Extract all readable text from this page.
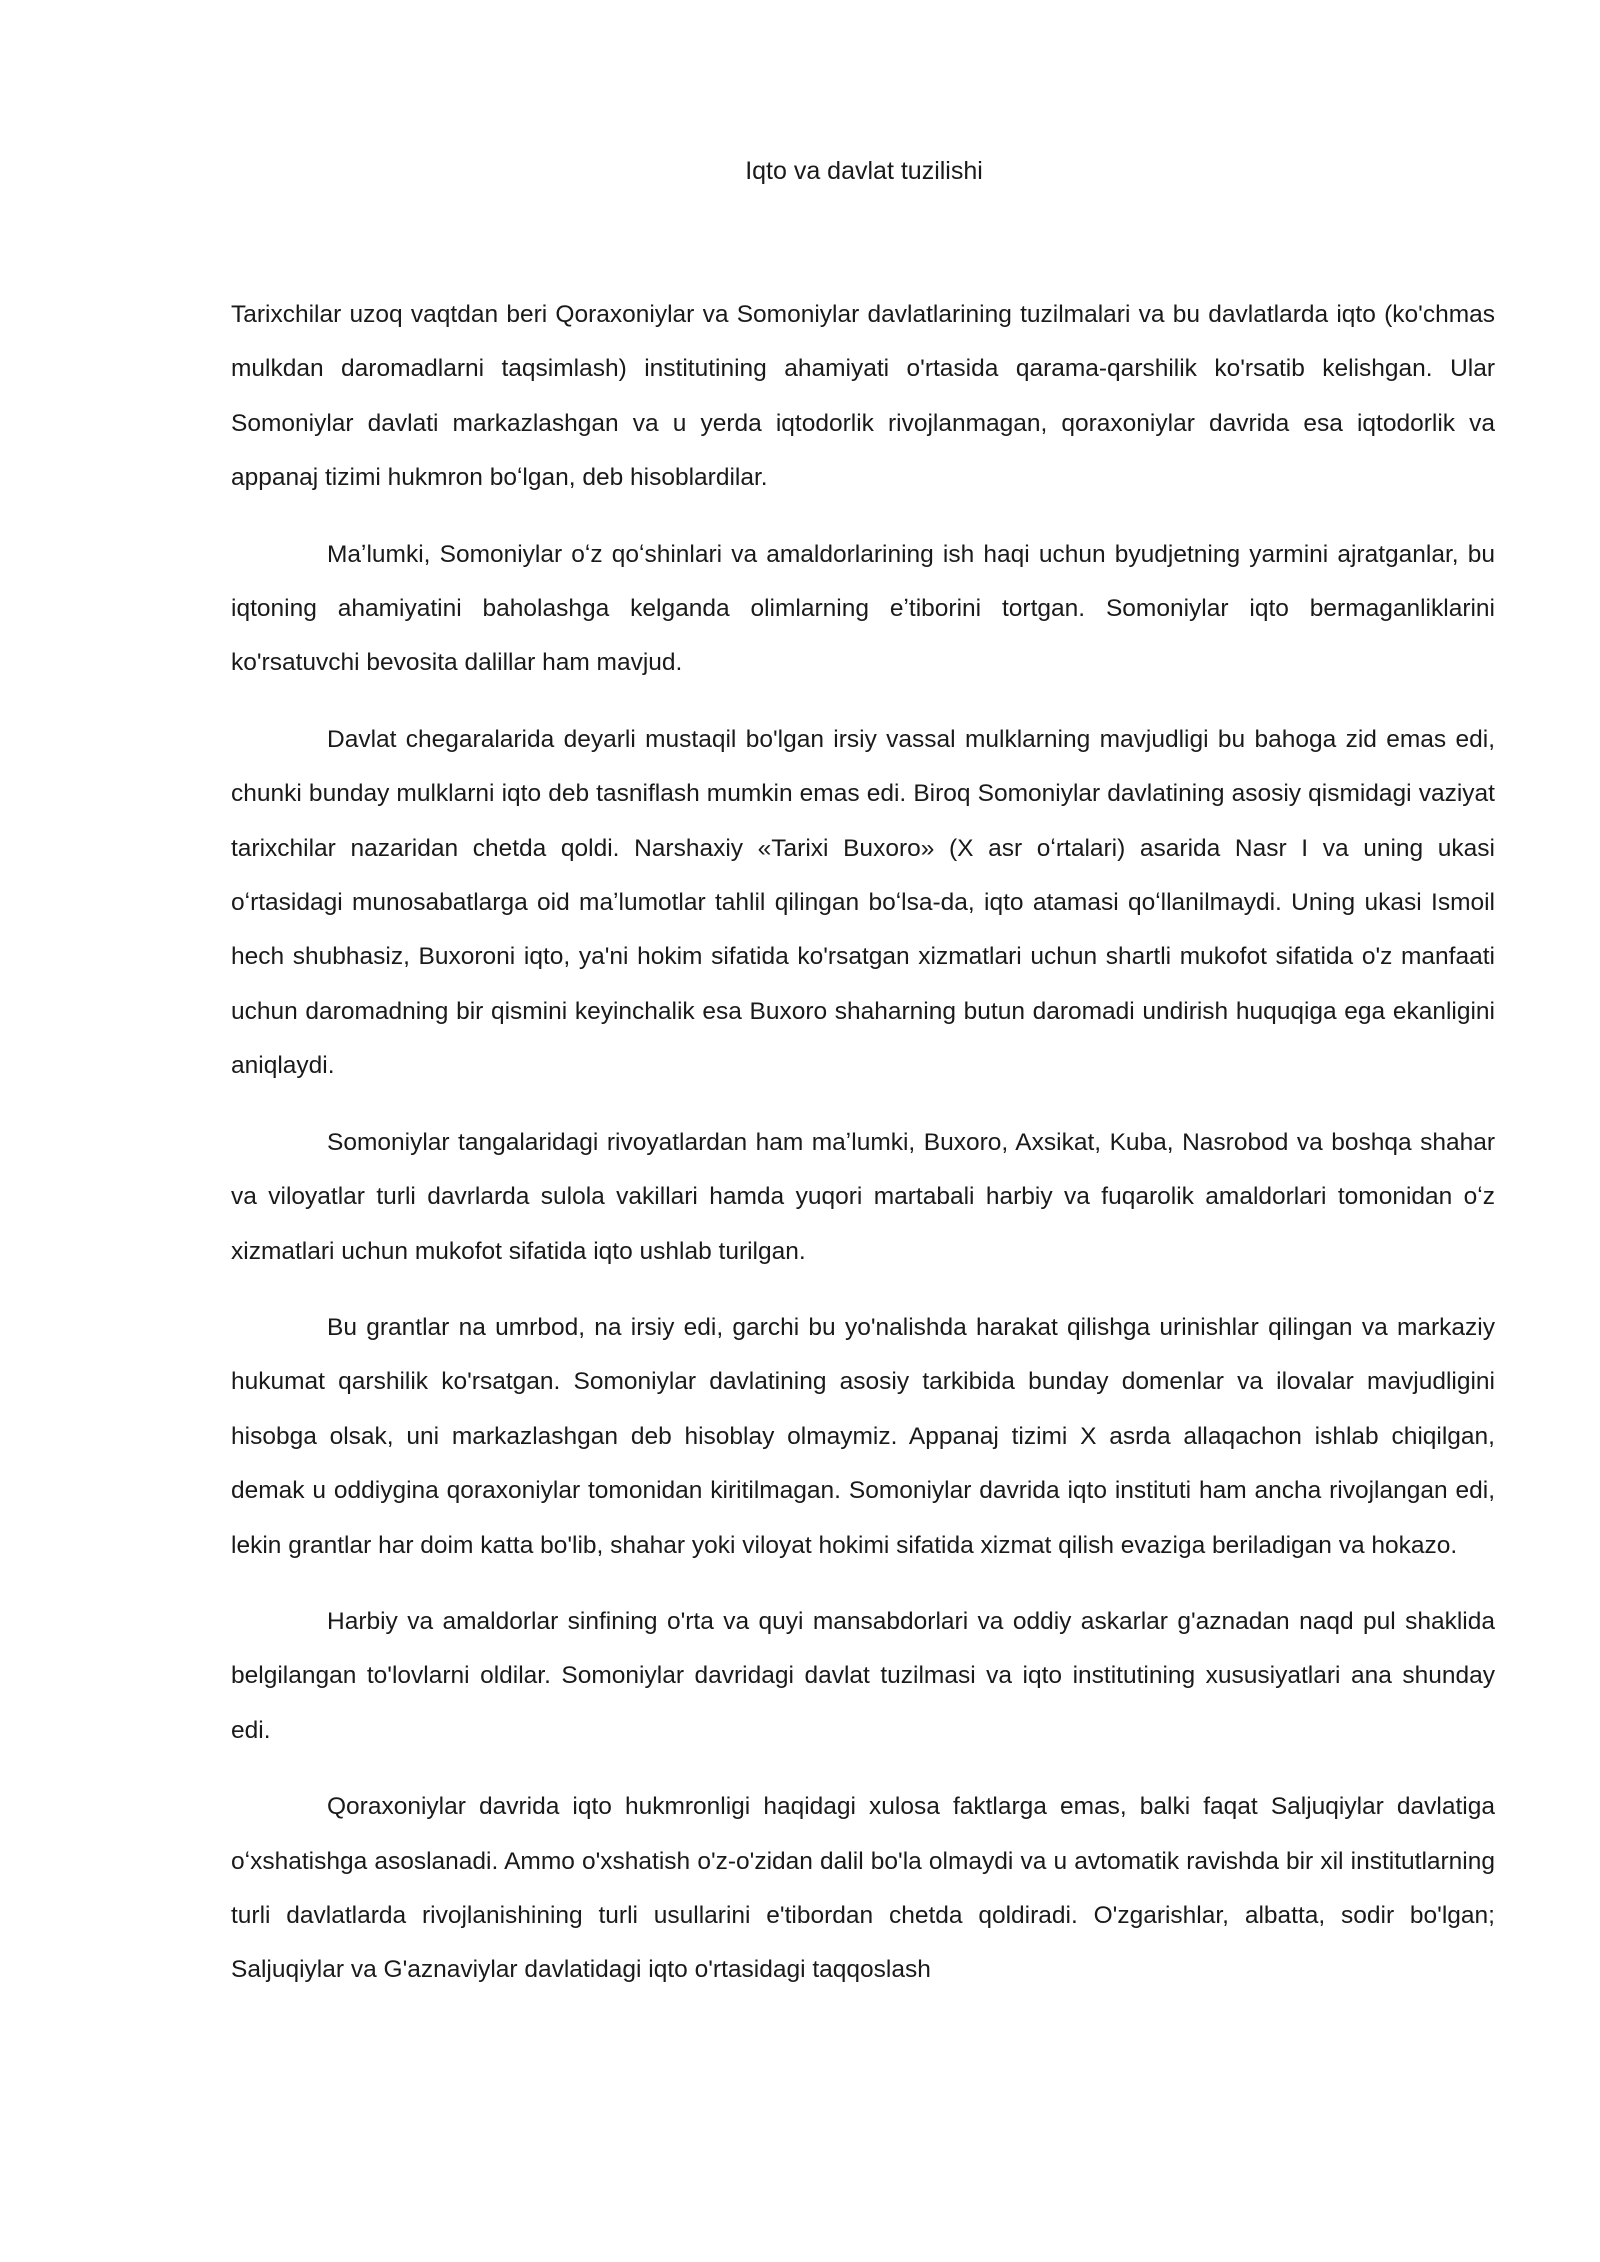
Iqto va davlat tuzilishi

Tarixchilar uzoq vaqtdan beri Qoraxoniylar va Somoniylar davlatlarining tuzilmalari va bu davlatlarda iqto (ko'chmas mulkdan daromadlarni taqsimlash) institutining ahamiyati o'rtasida qarama-qarshilik ko'rsatib kelishgan. Ular Somoniylar davlati markazlashgan va u yerda iqtodorlik rivojlanmagan, qoraxoniylar davrida esa iqtodorlik va appanaj tizimi hukmron boʻlgan, deb hisoblardilar.

Maʼlumki, Somoniylar oʻz qoʻshinlari va amaldorlarining ish haqi uchun byudjetning yarmini ajratganlar, bu iqtoning ahamiyatini baholashga kelganda olimlarning eʼtiborini tortgan. Somoniylar iqto bermaganliklarini ko'rsatuvchi bevosita dalillar ham mavjud.

Davlat chegaralarida deyarli mustaqil bo'lgan irsiy vassal mulklarning mavjudligi bu bahoga zid emas edi, chunki bunday mulklarni iqto deb tasniflash mumkin emas edi. Biroq Somoniylar davlatining asosiy qismidagi vaziyat tarixchilar nazaridan chetda qoldi. Narshaxiy «Tarixi Buxoro» (X asr oʻrtalari) asarida Nasr I va uning ukasi oʻrtasidagi munosabatlarga oid maʼlumotlar tahlil qilingan boʻlsa-da, iqto atamasi qoʻllanilmaydi. Uning ukasi Ismoil hech shubhasiz, Buxoroni iqto, ya'ni hokim sifatida ko'rsatgan xizmatlari uchun shartli mukofot sifatida o'z manfaati uchun daromadning bir qismini keyinchalik esa Buxoro shaharning butun daromadi undirish huquqiga ega ekanligini aniqlaydi.

Somoniylar tangalaridagi rivoyatlardan ham maʼlumki, Buxoro, Axsikat, Kuba, Nasrobod va boshqa shahar va viloyatlar turli davrlarda sulola vakillari hamda yuqori martabali harbiy va fuqarolik amaldorlari tomonidan oʻz xizmatlari uchun mukofot sifatida iqto ushlab turilgan.

Bu grantlar na umrbod, na irsiy edi, garchi bu yo'nalishda harakat qilishga urinishlar qilingan va markaziy hukumat qarshilik ko'rsatgan. Somoniylar davlatining asosiy tarkibida bunday domenlar va ilovalar mavjudligini hisobga olsak, uni markazlashgan deb hisoblay olmaymiz. Appanaj tizimi X asrda allaqachon ishlab chiqilgan, demak u oddiygina qoraxoniylar tomonidan kiritilmagan. Somoniylar davrida iqto instituti ham ancha rivojlangan edi, lekin grantlar har doim katta bo'lib, shahar yoki viloyat hokimi sifatida xizmat qilish evaziga beriladigan va hokazo.

Harbiy va amaldorlar sinfining o'rta va quyi mansabdorlari va oddiy askarlar g'aznadan naqd pul shaklida belgilangan to'lovlarni oldilar. Somoniylar davridagi davlat tuzilmasi va iqto institutining xususiyatlari ana shunday edi.

Qoraxoniylar davrida iqto hukmronligi haqidagi xulosa faktlarga emas, balki faqat Saljuqiylar davlatiga oʻxshatishga asoslanadi. Ammo o'xshatish o'z-o'zidan dalil bo'la olmaydi va u avtomatik ravishda bir xil institutlarning turli davlatlarda rivojlanishining turli usullarini e'tibordan chetda qoldiradi. O'zgarishlar, albatta, sodir bo'lgan; Saljuqiylar va G'aznaviylar davlatidagi iqto o'rtasidagi taqqoslash
